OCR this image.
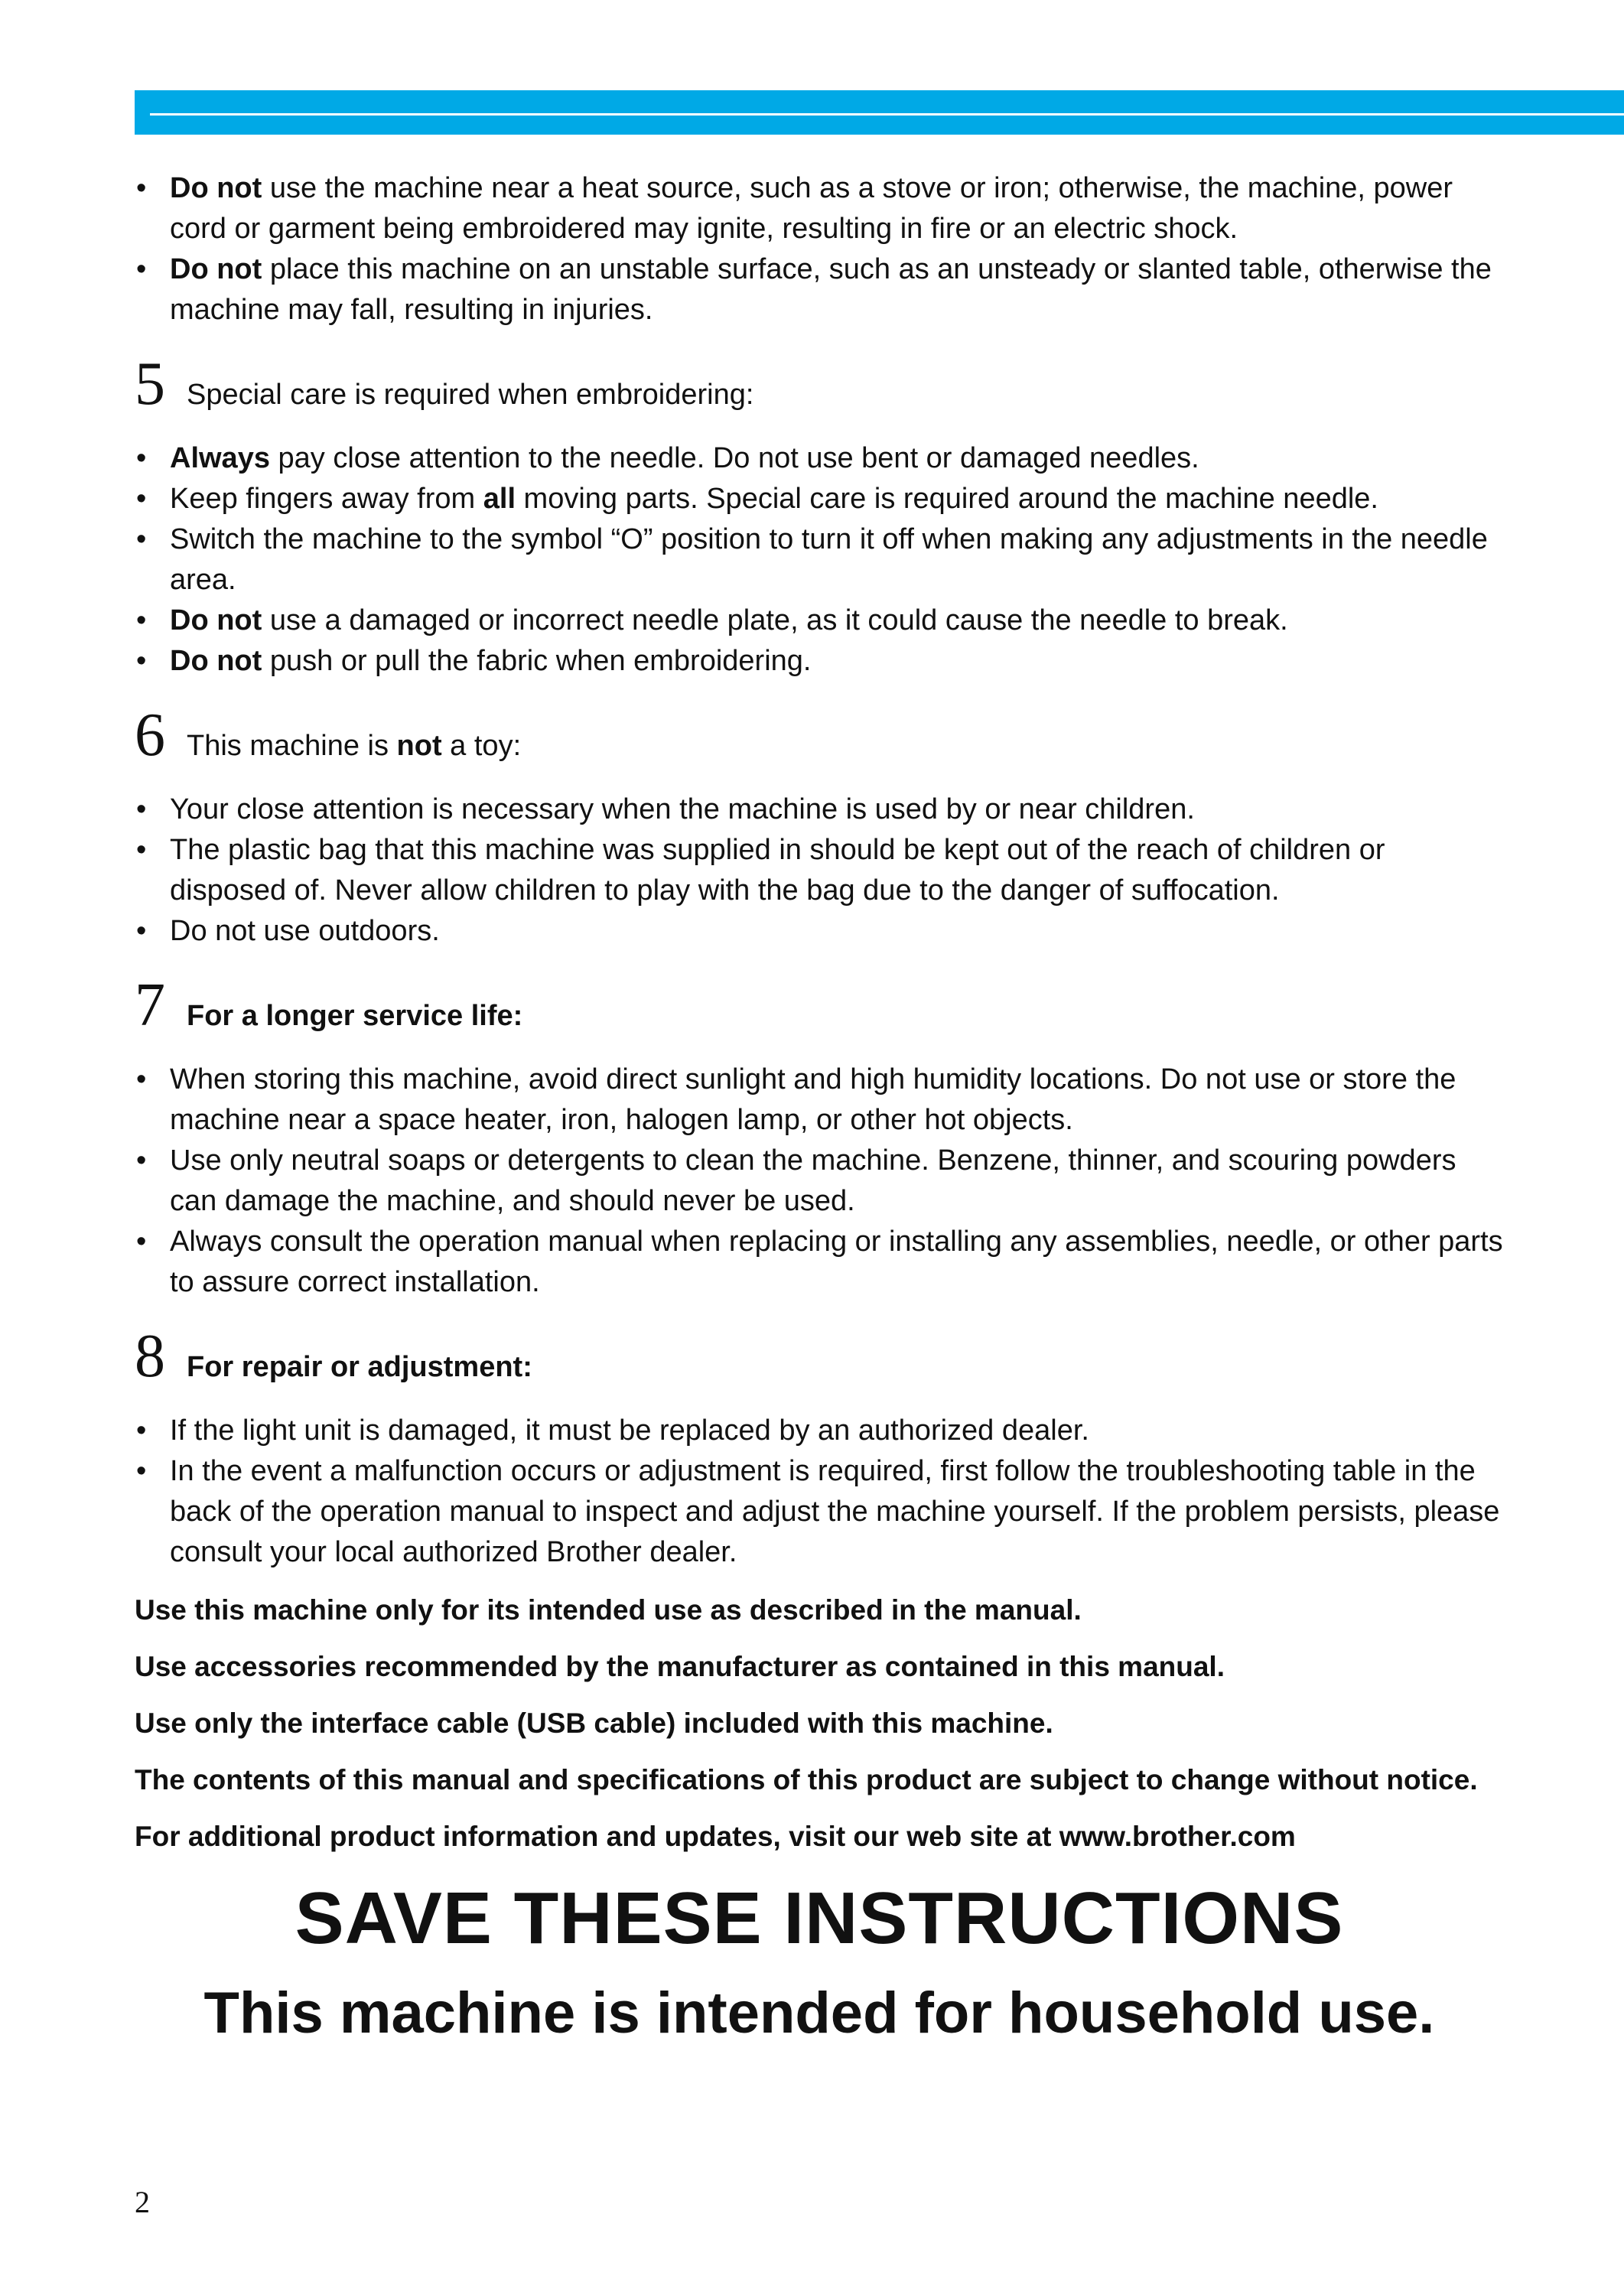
• Do not use the machine near a heat source, such as a stove or iron; otherwise, the machine, power cord or garment being embroidered may ignite, resulting in fire or an electric shock.
• Do not place this machine on an unstable surface, such as an unsteady or slanted table, otherwise the machine may fall, resulting in injuries.
5 Special care is required when embroidering:
• Always pay close attention to the needle. Do not use bent or damaged needles.
• Keep fingers away from all moving parts. Special care is required around the machine needle.
• Switch the machine to the symbol “O” position to turn it off when making any adjustments in the needle area.
• Do not use a damaged or incorrect needle plate, as it could cause the needle to break.
• Do not push or pull the fabric when embroidering.
6 This machine is not a toy:
• Your close attention is necessary when the machine is used by or near children.
• The plastic bag that this machine was supplied in should be kept out of the reach of children or disposed of. Never allow children to play with the bag due to the danger of suffocation.
• Do not use outdoors.
7 For a longer service life:
• When storing this machine, avoid direct sunlight and high humidity locations. Do not use or store the machine near a space heater, iron, halogen lamp, or other hot objects.
• Use only neutral soaps or detergents to clean the machine. Benzene, thinner, and scouring powders can damage the machine, and should never be used.
• Always consult the operation manual when replacing or installing any assemblies, needle, or other parts to assure correct installation.
8 For repair or adjustment:
• If the light unit is damaged, it must be replaced by an authorized dealer.
• In the event a malfunction occurs or adjustment is required, first follow the troubleshooting table in the back of the operation manual to inspect and adjust the machine yourself. If the problem persists, please consult your local authorized Brother dealer.

Use this machine only for its intended use as described in the manual.

Use accessories recommended by the manufacturer as contained in this manual.

Use only the interface cable (USB cable) included with this machine.

The contents of this manual and specifications of this product are subject to change without notice.

For additional product information and updates, visit our web site at www.brother.com

SAVE THESE INSTRUCTIONS
This machine is intended for household use.
2
